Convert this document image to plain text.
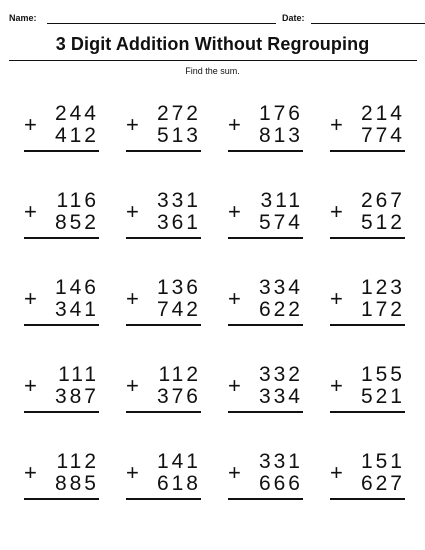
Name:	Date:
3 Digit Addition Without Regrouping
Find the sum.
+ 244
412 + 272
513 + 176
813 + 214
774
+ 116
852 + 331
361 + 311
574 + 267
512
+ 146
341 + 136
742 + 334
622 + 123
172
+	111
387 + 112
376 + 332
334 + 155
521
+ 112
885 + 141
618 + 331
666 + 151
627
